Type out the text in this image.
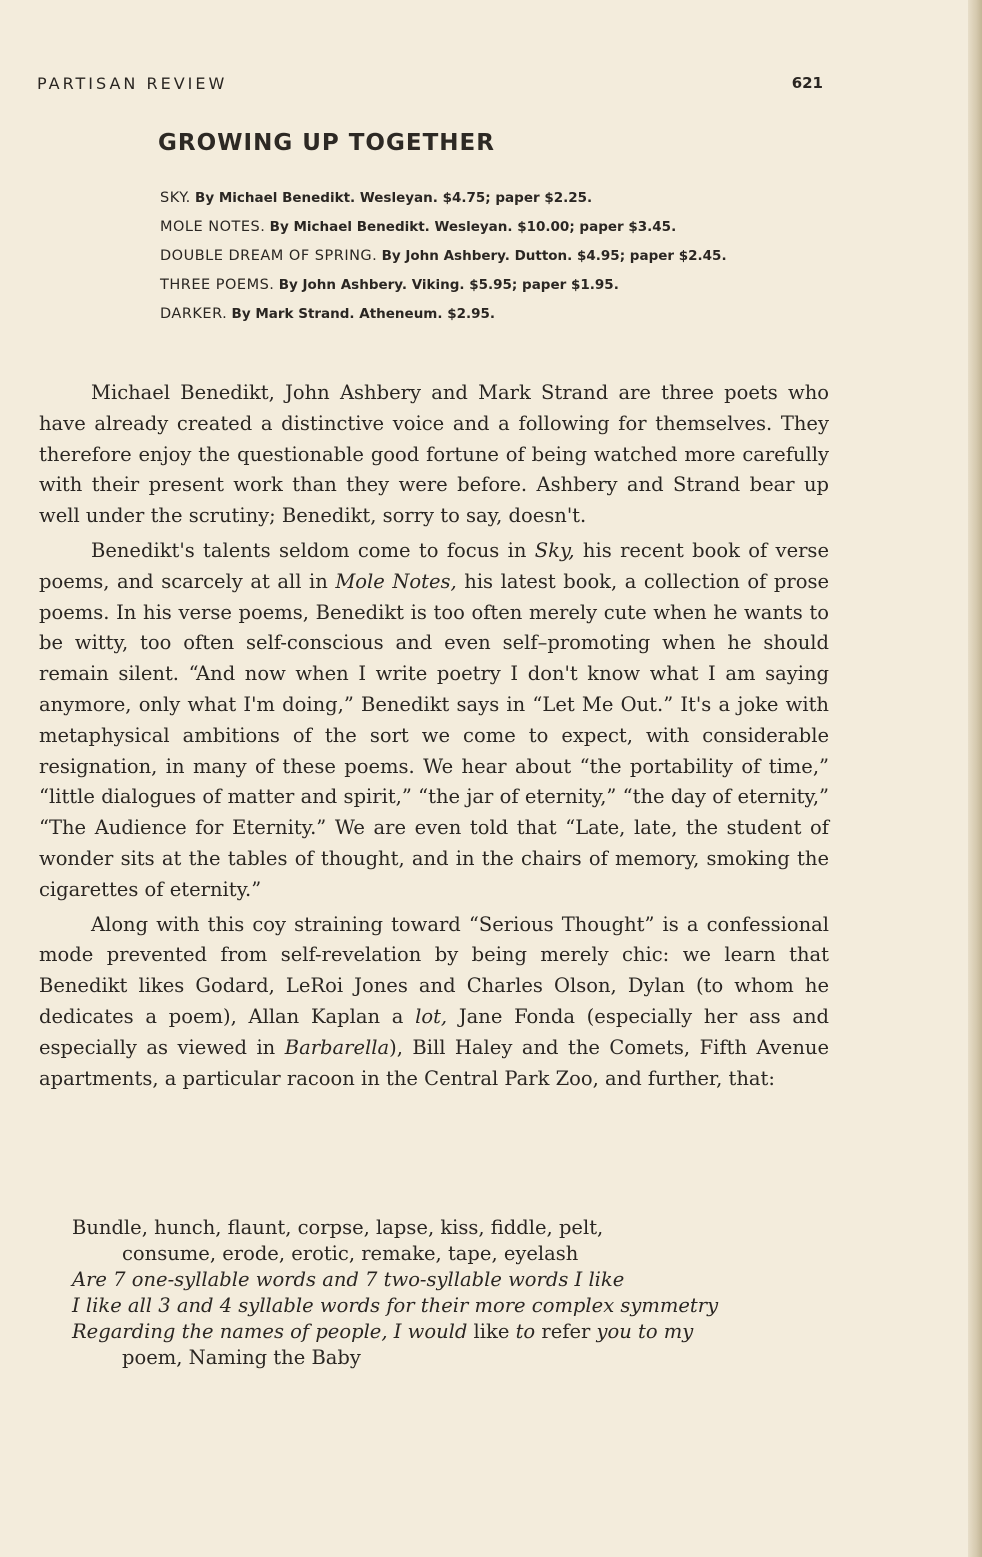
PARTISAN REVIEW	621
GROWING UP TOGETHER
SKY. By Michael Benedikt. Wesleyan. $4.75; paper $2.25.
MOLE NOTES. By Michael Benedikt. Wesleyan. $10.00; paper $3.45.
DOUBLE DREAM OF SPRING. By John Ashbery. Dutton. $4.95; paper $2.45.
THREE POEMS. By John Ashbery. Viking. $5.95; paper $1.95.
DARKER. By Mark Strand. Atheneum. $2.95.

Michael Benedikt, John Ashbery and Mark Strand are three poets who have already created a distinctive voice and a following for themselves. They therefore enjoy the questionable good fortune of being watched more carefully with their present work than they were before. Ashbery and Strand bear up well under the scrutiny; Benedikt, sorry to say, doesn't.

Benedikt's talents seldom come to focus in Sky, his recent book of verse poems, and scarcely at all in Mole Notes, his latest book, a collection of prose poems. In his verse poems, Benedikt is too often merely cute when he wants to be witty, too often self-conscious and even self–promoting when he should remain silent. “And now when I write poetry I don't know what I am saying anymore, only what I'm doing,” Benedikt says in “Let Me Out.” It's a joke with metaphysical ambitions of the sort we come to expect, with considerable resignation, in many of these poems. We hear about “the portability of time,” “little dialogues of matter and spirit,” “the jar of eternity,” “the day of eternity,” “The Audience for Eternity.” We are even told that “Late, late, the student of wonder sits at the tables of thought, and in the chairs of memory, smoking the cigarettes of eternity.”

Along with this coy straining toward “Serious Thought” is a confessional mode prevented from self-revelation by being merely chic: we learn that Benedikt likes Godard, LeRoi Jones and Charles Olson, Dylan (to whom he dedicates a poem), Allan Kaplan a lot, Jane Fonda (especially her ass and especially as viewed in Barbarella), Bill Haley and the Comets, Fifth Avenue apartments, a particular racoon in the Central Park Zoo, and further, that:

Bundle, hunch, flaunt, corpse, lapse, kiss, fiddle, pelt,
consume, erode, erotic, remake, tape, eyelash
Are 7 one-syllable words and 7 two-syllable words I like
I like all 3 and 4 syllable words for their more complex symmetry
Regarding the names of people, I would like to refer you to my
poem, Naming the Baby
